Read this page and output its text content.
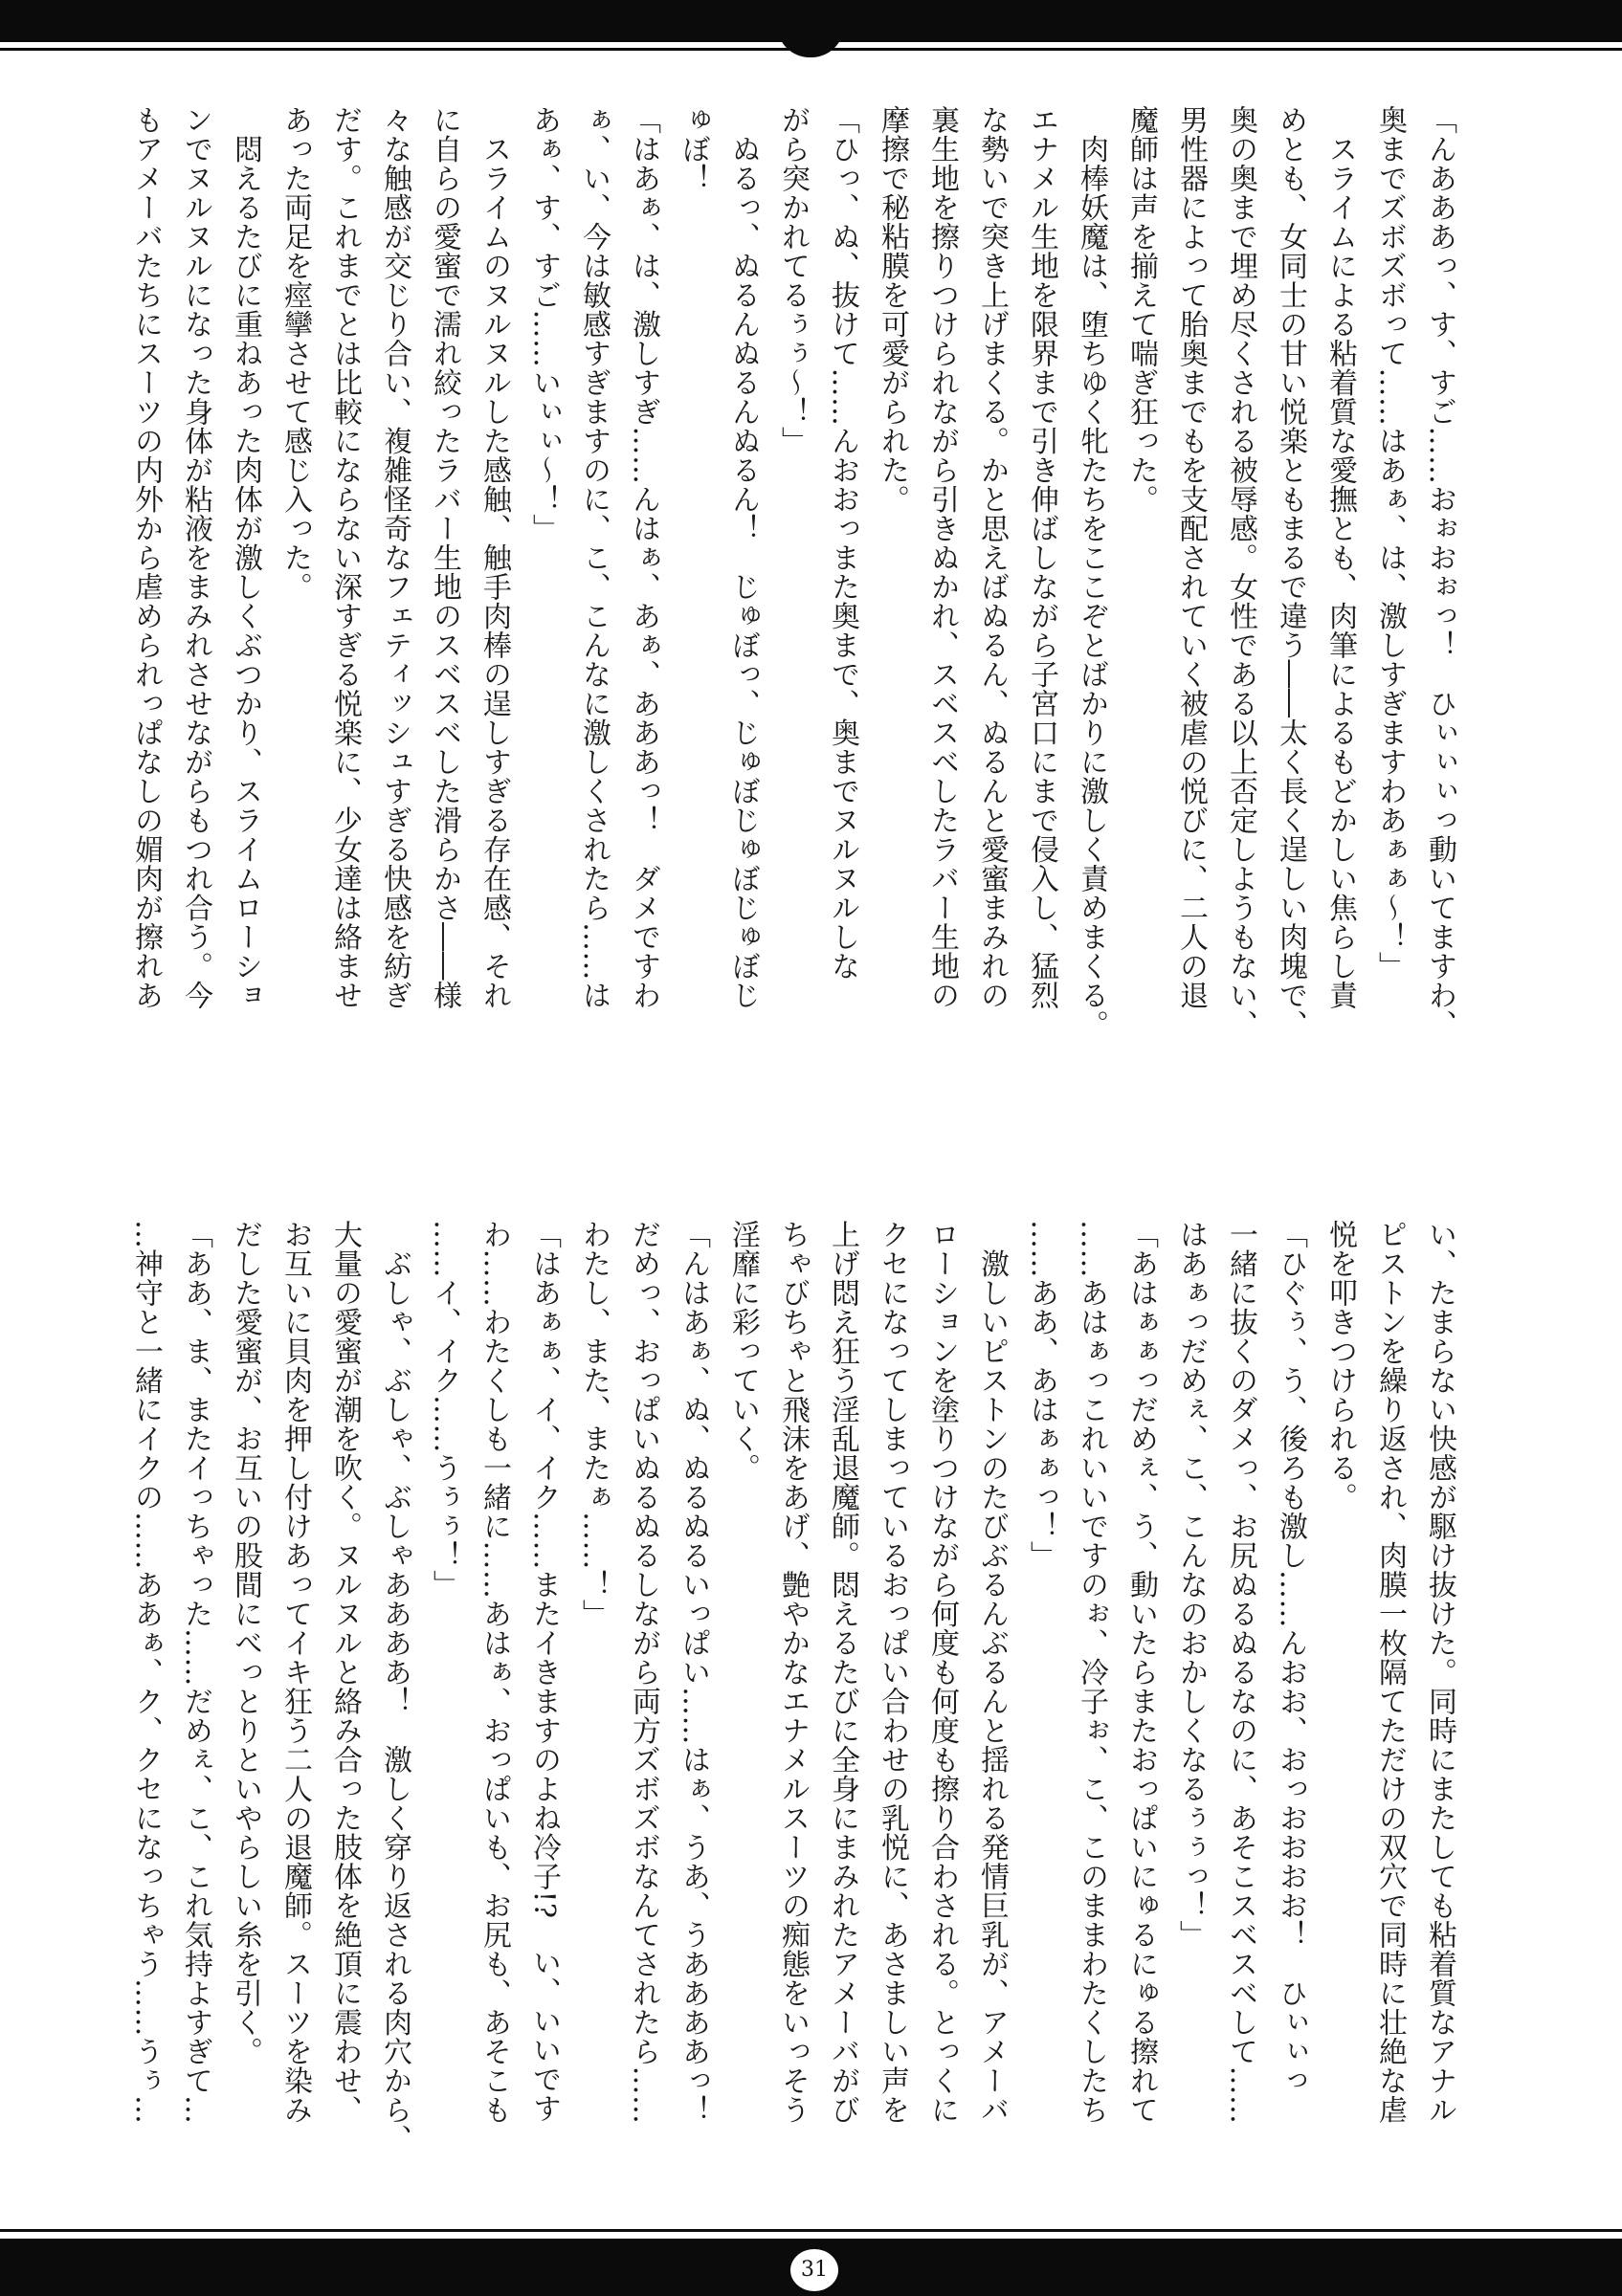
「んあああっ、す、すご……おぉおぉっ！　ひぃぃぃっ動いてますわ、
奥までズボズボって……はあぁ、は、激しすぎますわあぁぁ〜！」
　スライムによる粘着質な愛撫とも、肉筆によるもどかしい焦らし責
めとも、女同士の甘い悦楽ともまるで違う――太く長く逞しい肉塊で、
奥の奥まで埋め尽くされる被辱感。女性である以上否定しようもない、
男性器によって胎奥までもを支配されていく被虐の悦びに、二人の退
魔師は声を揃えて喘ぎ狂った。
　肉棒妖魔は、堕ちゆく牝たちをここぞとばかりに激しく責めまくる。
エナメル生地を限界まで引き伸ばしながら子宮口にまで侵入し、猛烈
な勢いで突き上げまくる。かと思えばぬるん、ぬるんと愛蜜まみれの
裏生地を擦りつけられながら引きぬかれ、スベスベしたラバー生地の
摩擦で秘粘膜を可愛がられた。
「ひっ、ぬ、抜けて……んおおっまた奥まで、奥までヌルヌルしな
がら突かれてるぅぅ〜！」
　ぬるっ、ぬるんぬるんぬるん！　じゅぼっ、じゅぼじゅぼじゅぼじ
ゅぼ！
「はあぁ、は、激しすぎ……んはぁ、あぁ、あああっ！　ダメですわ
ぁ、い、今は敏感すぎますのに、こ、こんなに激しくされたら……は
あぁ、す、すご……いぃぃ〜！」
　スライムのヌルヌルした感触、触手肉棒の逞しすぎる存在感、それ
に自らの愛蜜で濡れ絞ったラバー生地のスベスベした滑らかさ――様
々な触感が交じり合い、複雑怪奇なフェティッシュすぎる快感を紡ぎ
だす。これまでとは比較にならない深すぎる悦楽に、少女達は絡ませ
あった両足を痙攣させて感じ入った。
　悶えるたびに重ねあった肉体が激しくぶつかり、スライムローショ
ンでヌルヌルになった身体が粘液をまみれさせながらもつれ合う。今
もアメーバたちにスーツの内外から虐められっぱなしの媚肉が擦れあ
い、たまらない快感が駆け抜けた。同時にまたしても粘着質なアナル
ピストンを繰り返され、肉膜一枚隔てただけの双穴で同時に壮絶な虐
悦を叩きつけられる。
「ひぐぅ、う、後ろも激し……んおお、おっおおおお！　ひぃぃっ
一緒に抜くのダメっ、お尻ぬるぬるなのに、あそこスベスベして……
はあぁっだめぇ、こ、こんなのおかしくなるぅぅっ！」
「あはぁぁっだめぇ、う、動いたらまたおっぱいにゅるにゅる擦れて
……あはぁっこれいいですのぉ、冷子ぉ、こ、このままわたくしたち
……ああ、あはぁぁっ！」
　激しいピストンのたびぶるんぶるんと揺れる発情巨乳が、アメーバ
ローションを塗りつけながら何度も何度も擦り合わされる。とっくに
クセになってしまっているおっぱい合わせの乳悦に、あさましい声を
上げ悶え狂う淫乱退魔師。悶えるたびに全身にまみれたアメーバがび
ちゃびちゃと飛沫をあげ、艶やかなエナメルスーツの痴態をいっそう
淫靡に彩っていく。
「んはあぁ、ぬ、ぬるぬるいっぱい……はぁ、うあ、うああああっ！
だめっ、おっぱいぬるぬるしながら両方ズボズボなんてされたら……
わたし、また、またぁ……！」
「はあぁぁ、イ、イク……またイきますのよね冷子!?　い、いいです
わ……わたくしも一緒に……あはぁ、おっぱいも、お尻も、あそこも
……イ、イク……うぅぅ！」
　ぶしゃ、ぶしゃ、ぶしゃああああ！　激しく穿り返される肉穴から、
大量の愛蜜が潮を吹く。ヌルヌルと絡み合った肢体を絶頂に震わせ、
お互いに貝肉を押し付けあってイキ狂う二人の退魔師。スーツを染み
だした愛蜜が、お互いの股間にべっとりといやらしい糸を引く。
「ああ、ま、またイっちゃった……だめぇ、こ、これ気持よすぎて…
…神守と一緒にイクの……ああぁ、ク、クセになっちゃう……うぅ…
31
